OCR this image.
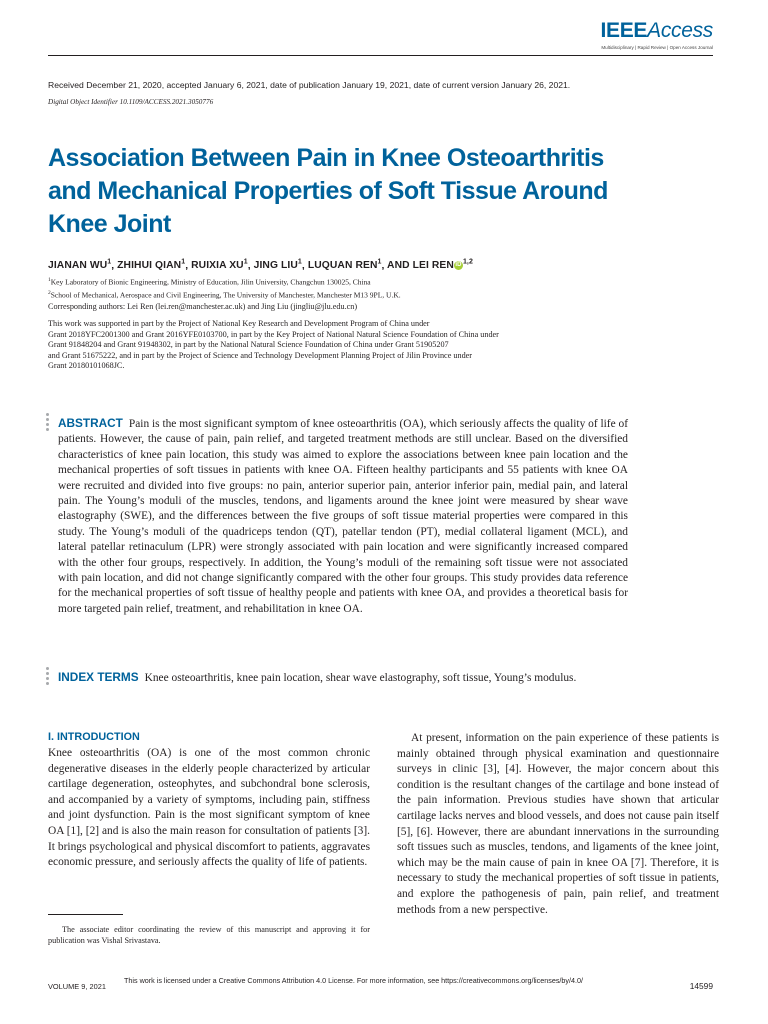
IEEEAccess
Multidisciplinary | Rapid Review | Open Access Journal
Received December 21, 2020, accepted January 6, 2021, date of publication January 19, 2021, date of current version January 26, 2021.
Digital Object Identifier 10.1109/ACCESS.2021.3050776
Association Between Pain in Knee Osteoarthritis and Mechanical Properties of Soft Tissue Around Knee Joint
JIANAN $WU^1$, ZHIHUI QIAN$^1$, RUIXIA $XU^1$, JING LIU$^1$, LUQUAN REN$^1$, AND LEI RENiD$^{1,2}$
$^1$Key Laboratory of Bionic Engineering, Ministry of Education, Jilin University, Changchun 130025, China
$^2$School of Mechanical, Aerospace and Civil Engineering, The University of Manchester, Manchester M13 9PL, U.K.
Corresponding authors: Lei Ren (lei.ren@manchester.ac.uk) and Jing Liu (jingliu@jlu.edu.cn)
This work was supported in part by the Project of National Key Research and Development Program of China under
Grant 2018YFC2001300 and Grant 2016YFE0103700, in part by the Key Project of National Natural Science Foundation of China under
Grant 91848204 and Grant 91948302, in part by the National Natural Science Foundation of China under Grant 51905207
and Grant 51675222, and in part by the Project of Science and Technology Development Planning Project of Jilin Province under
Grant 20180101068JC.
ABSTRACT Pain is the most significant symptom of knee osteoarthritis (OA), which seriously affects the quality of life of patients. However, the cause of pain, pain relief, and targeted treatment methods are still unclear. Based on the diversified characteristics of knee pain location, this study was aimed to explore the associations between knee pain location and the mechanical properties of soft tissues in patients with knee OA. Fifteen healthy participants and 55 patients with knee OA were recruited and divided into five groups: no pain, anterior superior pain, anterior inferior pain, medial pain, and lateral pain. The Young’s moduli of the muscles, tendons, and ligaments around the knee joint were measured by shear wave elastography (SWE), and the differences between the five groups of soft tissue material properties were compared in this study. The Young’s moduli of the quadriceps tendon (QT), patellar tendon (PT), medial collateral ligament (MCL), and lateral patellar retinaculum (LPR) were strongly associated with pain location and were significantly increased compared with the other four groups, respectively. In addition, the Young’s moduli of the remaining soft tissue were not associated with pain location, and did not change significantly compared with the other four groups. This study provides data reference for the mechanical properties of soft tissue of healthy people and patients with knee OA, and provides a theoretical basis for more targeted pain relief, treatment, and rehabilitation in knee OA.
INDEX TERMS Knee osteoarthritis, knee pain location, shear wave elastography, soft tissue, Young’s modulus.
I. INTRODUCTION
Knee osteoarthritis (OA) is one of the most common chronic degenerative diseases in the elderly people characterized by articular cartilage degeneration, osteophytes, and subchondral bone sclerosis, and accompanied by a variety of symptoms, including pain, stiffness and joint dysfunction. Pain is the most significant symptom of knee OA [1], [2] and is also the main reason for consultation of patients [3]. It brings psychological and physical discomfort to patients, aggravates economic pressure, and seriously affects the quality of life of patients.

At present, information on the pain experience of these patients is mainly obtained through physical examination and questionnaire surveys in clinic [3], [4]. However, the major concern about this condition is the resultant changes of the cartilage and bone instead of the pain information. Previous studies have shown that articular cartilage lacks nerves and blood vessels, and does not cause pain itself [5], [6]. However, there are abundant innervations in the surrounding soft tissues such as muscles, tendons, and ligaments of the knee joint, which may be the main cause of pain in knee OA [7]. Therefore, it is necessary to study the mechanical properties of soft tissue in patients, and explore the pathogenesis of pain, pain relief, and treatment methods from a new perspective.

The associate editor coordinating the review of this manuscript and approving it for publication was Vishal Srivastava.
VOLUME 9, 2021
This work is licensed under a Creative Commons Attribution 4.0 License. For more information, see https://creativecommons.org/licenses/by/4.0/
14599
